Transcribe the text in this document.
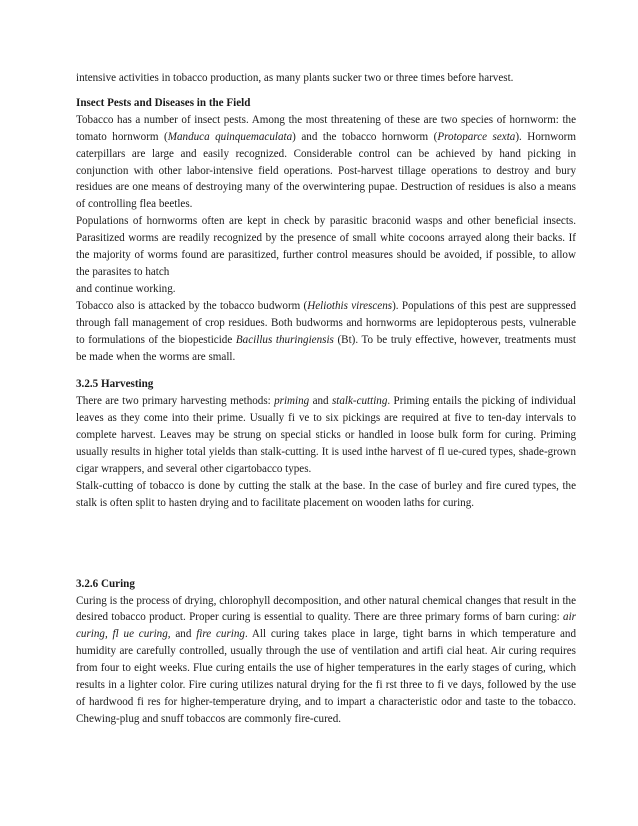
intensive activities in tobacco production, as many plants sucker two or three times before harvest.

Insect Pests and Diseases in the Field

Tobacco has a number of insect pests. Among the most threatening of these are two species of hornworm: the tomato hornworm (Manduca quinquemaculata) and the tobacco hornworm (Protoparce sexta). Hornworm caterpillars are large and easily recognized. Considerable control can be achieved by hand picking in conjunction with other labor-intensive field operations. Post-harvest tillage operations to destroy and bury residues are one means of destroying many of the overwintering pupae. Destruction of residues is also a means of controlling flea beetles.

Populations of hornworms often are kept in check by parasitic braconid wasps and other beneficial insects. Parasitized worms are readily recognized by the presence of small white cocoons arrayed along their backs. If the majority of worms found are parasitized, further control measures should be avoided, if possible, to allow the parasites to hatch

and continue working.

Tobacco also is attacked by the tobacco budworm (Heliothis virescens). Populations of this pest are suppressed through fall management of crop residues. Both budworms and hornworms are lepidopterous pests, vulnerable to formulations of the biopesticide Bacillus thuringiensis (Bt). To be truly effective, however, treatments must be made when the worms are small.

3.2.5 Harvesting

There are two primary harvesting methods: priming and stalk-cutting. Priming entails the picking of individual leaves as they come into their prime. Usually fi ve to six pickings are required at five to ten-day intervals to complete harvest. Leaves may be strung on special sticks or handled in loose bulk form for curing. Priming usually results in higher total yields than stalk-cutting. It is used inthe harvest of fl ue-cured types, shade-grown cigar wrappers, and several other cigartobacco types.

Stalk-cutting of tobacco is done by cutting the stalk at the base. In the case of burley and fire cured types, the stalk is often split to hasten drying and to facilitate placement on wooden laths for curing.

3.2.6 Curing

Curing is the process of drying, chlorophyll decomposition, and other natural chemical changes that result in the desired tobacco product. Proper curing is essential to quality. There are three primary forms of barn curing: air curing, fl ue curing, and fire curing. All curing takes place in large, tight barns in which temperature and humidity are carefully controlled, usually through the use of ventilation and artifi cial heat. Air curing requires from four to eight weeks. Flue curing entails the use of higher temperatures in the early stages of curing, which results in a lighter color. Fire curing utilizes natural drying for the fi rst three to fi ve days, followed by the use of hardwood fi res for higher-temperature drying, and to impart a characteristic odor and taste to the tobacco. Chewing-plug and snuff tobaccos are commonly fire-cured.
